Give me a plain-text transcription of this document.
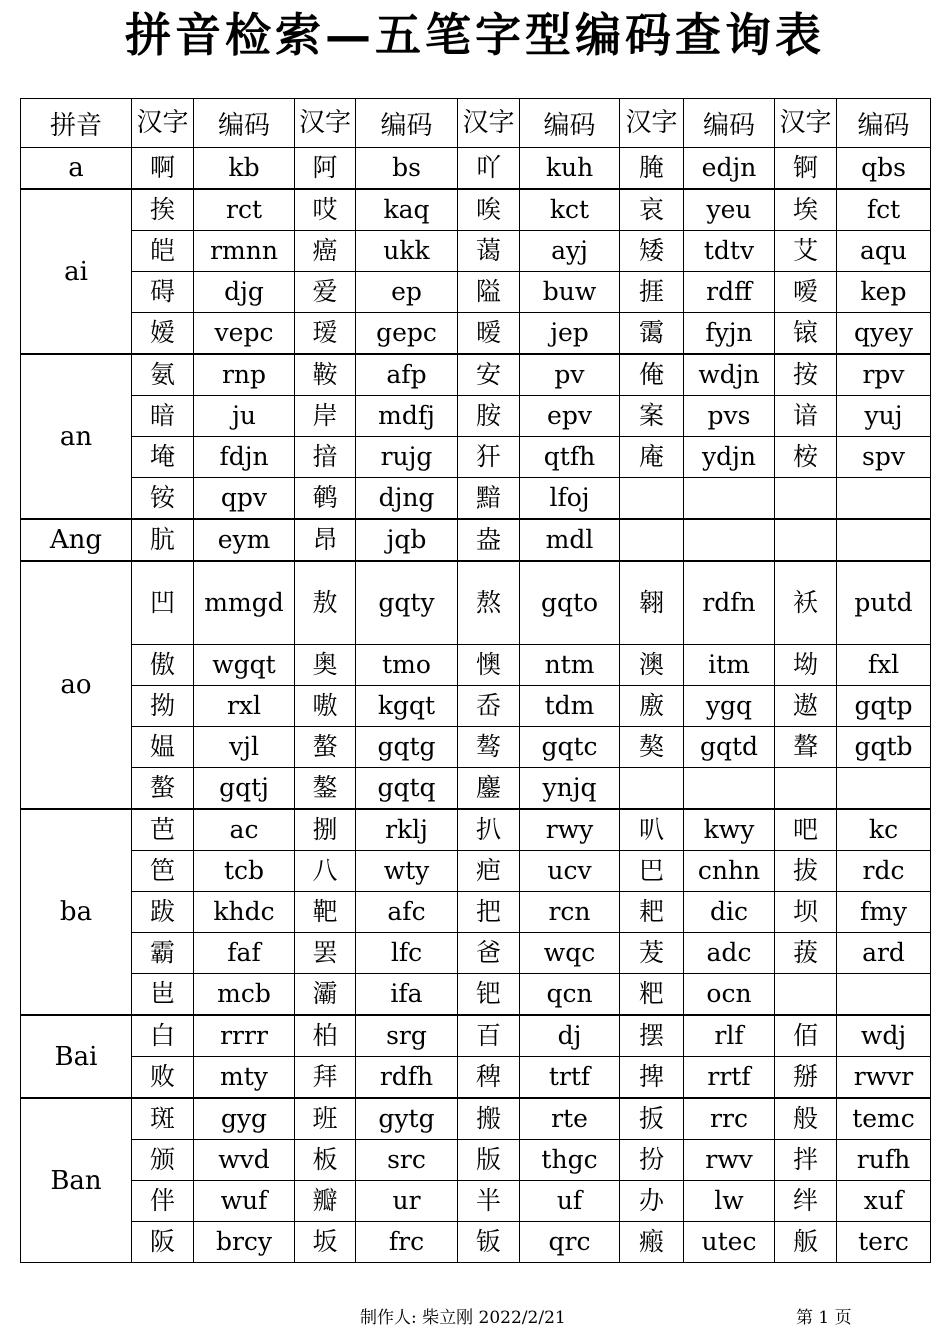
拼音检索—五笔字型编码查询表
拼音	汉字	编码	汉字	编码	汉字	编码	汉字	编码	汉字	编码
a	啊	kb	阿	bs	吖	kuh	腌	edjn	锕	qbs
ai	挨	rct	哎	kaq	唉	kct	哀	yeu	埃	fct
	皑	rmnn	癌	ukk	蔼	ayj	矮	tdtv	艾	aqu
	碍	djg	爱	ep	隘	buw	捱	rdff	嗳	kep
	嫒	vepc	瑷	gepc	暧	jep	霭	fyjn	锿	qyey
an	氨	rnp	鞍	afp	安	pv	俺	wdjn	按	rpv
	暗	ju	岸	mdfj	胺	epv	案	pvs	谙	yuj
	埯	fdjn	揞	rujg	犴	qtfh	庵	ydjn	桉	spv
	铵	qpv	鹌	djng	黯	lfoj				
Ang	肮	eym	昂	jqb	盎	mdl				
ao	凹	mmgd	敖	gqty	熬	gqto	翱	rdfn	袄	putd
	傲	wgqt	奥	tmo	懊	ntm	澳	itm	坳	fxl
	拗	rxl	嗷	kgqt	岙	tdm	廒	ygq	遨	gqtp
	媪	vjl	螯	gqtg	骜	gqtc	獒	gqtd	聱	gqtb
	螯	gqtj	鏊	gqtq	鏖	ynjq				
ba	芭	ac	捌	rklj	扒	rwy	叭	kwy	吧	kc
	笆	tcb	八	wty	疤	ucv	巴	cnhn	拔	rdc
	跋	khdc	靶	afc	把	rcn	耙	dic	坝	fmy
	霸	faf	罢	lfc	爸	wqc	茇	adc	菝	ard
	岜	mcb	灞	ifa	钯	qcn	粑	ocn		
Bai	白	rrrr	柏	srg	百	dj	摆	rlf	佰	wdj
	败	mty	拜	rdfh	稗	trtf	捭	rrtf	掰	rwvr
Ban	斑	gyg	班	gytg	搬	rte	扳	rrc	般	temc
	颁	wvd	板	src	版	thgc	扮	rwv	拌	rufh
	伴	wuf	瓣	ur	半	uf	办	lw	绊	xuf
	阪	brcy	坂	frc	钣	qrc	瘢	utec	舨	terc
制作人: 柴立刚 2022/2/21	第 1 页
